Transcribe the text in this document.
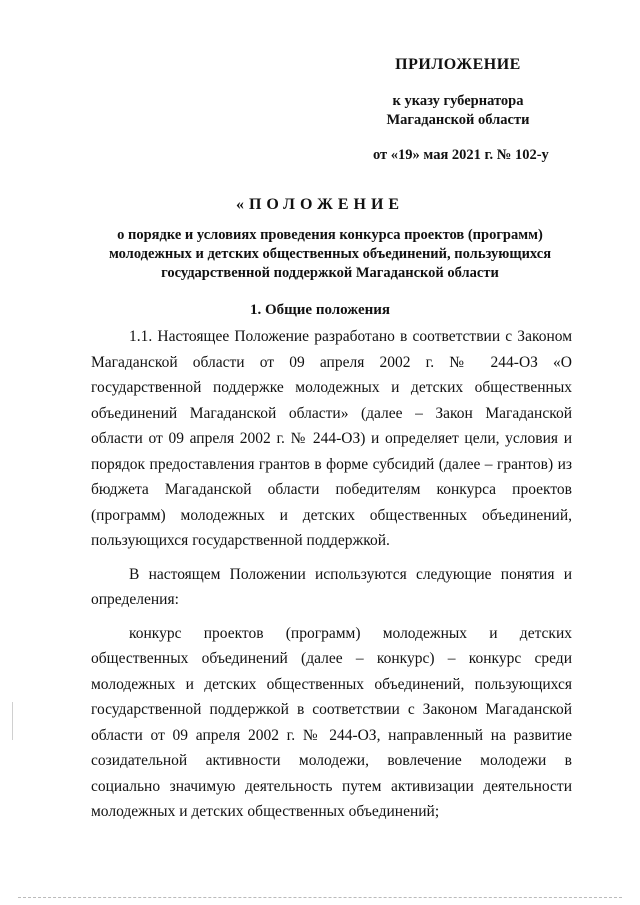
ПРИЛОЖЕНИЕ
к указу губернатора
Магаданской области
от «19» мая 2021 г. № 102-у
«ПОЛОЖЕНИЕ
о порядке и условиях проведения конкурса проектов (программ) молодежных и детских общественных объединений, пользующихся государственной поддержкой Магаданской области
1. Общие положения

1.1. Настоящее Положение разработано в соответствии с Законом Магаданской области от 09 апреля 2002 г. № 244-ОЗ «О государственной поддержке молодежных и детских общественных объединений Магаданской области» (далее – Закон Магаданской области от 09 апреля 2002 г. № 244-ОЗ) и определяет цели, условия и порядок предоставления грантов в форме субсидий (далее – грантов) из бюджета Магаданской области победителям конкурса проектов (программ) молодежных и детских общественных объединений, пользующихся государственной поддержкой.

В настоящем Положении используются следующие понятия и определения:

конкурс проектов (программ) молодежных и детских общественных объединений (далее – конкурс) – конкурс среди молодежных и детских общественных объединений, пользующихся государственной поддержкой в соответствии с Законом Магаданской области от 09 апреля 2002 г. № 244-ОЗ, направленный на развитие созидательной активности молодежи, вовлечение молодежи в социально значимую деятельность путем активизации деятельности молодежных и детских общественных объединений;
